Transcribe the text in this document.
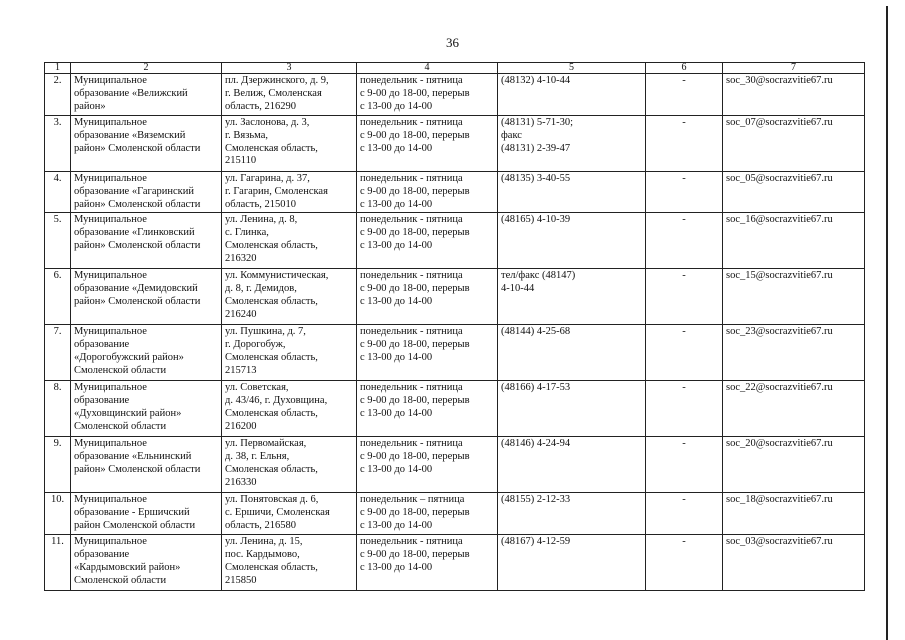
36
1	2	3	4	5	6	7
2.	Муниципальное
образование «Велижский
район»	пл. Дзержинского, д. 9,
г. Велиж, Смоленская
область, 216290	понедельник - пятница
с 9-00 до 18-00, перерыв
с 13-00 до 14-00	(48132) 4-10-44	-	soc_30@socrazvitie67.ru
3.	Муниципальное
образование «Вяземский
район» Смоленской области	ул. Заслонова, д. 3,
г. Вязьма,
Смоленская область,
215110	понедельник - пятница
с 9-00 до 18-00, перерыв
с 13-00 до 14-00	(48131) 5-71-30;
факс
(48131) 2-39-47	-	soc_07@socrazvitie67.ru
4.	Муниципальное
образование «Гагаринский
район» Смоленской области	ул. Гагарина, д. 37,
г. Гагарин, Смоленская
область, 215010	понедельник - пятница
с 9-00 до 18-00, перерыв
с 13-00 до 14-00	(48135) 3-40-55	-	soc_05@socrazvitie67.ru
5.	Муниципальное
образование «Глинковский
район» Смоленской области	ул. Ленина, д. 8,
с. Глинка,
Смоленская область,
216320	понедельник - пятница
с 9-00 до 18-00, перерыв
с 13-00 до 14-00	(48165) 4-10-39	-	soc_16@socrazvitie67.ru
6.	Муниципальное
образование «Демидовский
район» Смоленской области	ул. Коммунистическая,
д. 8, г. Демидов,
Смоленская область,
216240	понедельник - пятница
с 9-00 до 18-00, перерыв
с 13-00 до 14-00	тел/факс (48147)
4-10-44	-	soc_15@socrazvitie67.ru
7.	Муниципальное
образование
«Дорогобужский район»
Смоленской области	ул. Пушкина, д. 7,
г. Дорогобуж,
Смоленская область,
215713	понедельник - пятница
с 9-00 до 18-00, перерыв
с 13-00 до 14-00	(48144) 4-25-68	-	soc_23@socrazvitie67.ru
8.	Муниципальное
образование
«Духовщинский район»
Смоленской области	ул. Советская,
д. 43/46, г. Духовщина,
Смоленская область,
216200	понедельник - пятница
с 9-00 до 18-00, перерыв
с 13-00 до 14-00	(48166) 4-17-53	-	soc_22@socrazvitie67.ru
9.	Муниципальное
образование «Ельнинский
район» Смоленской области	ул. Первомайская,
д. 38, г. Ельня,
Смоленская область,
216330	понедельник - пятница
с 9-00 до 18-00, перерыв
с 13-00 до 14-00	(48146) 4-24-94	-	soc_20@socrazvitie67.ru
10.	Муниципальное
образование - Ершичский
район Смоленской области	ул. Понятовская д. 6,
с. Ершичи, Смоленская
область, 216580	понедельник – пятница
с 9-00 до 18-00, перерыв
с 13-00 до 14-00	(48155) 2-12-33	-	soc_18@socrazvitie67.ru
11.	Муниципальное
образование
«Кардымовский район»
Смоленской области	ул. Ленина, д. 15,
пос. Кардымово,
Смоленская область,
215850	понедельник - пятница
с 9-00 до 18-00, перерыв
с 13-00 до 14-00	(48167) 4-12-59	-	soc_03@socrazvitie67.ru
